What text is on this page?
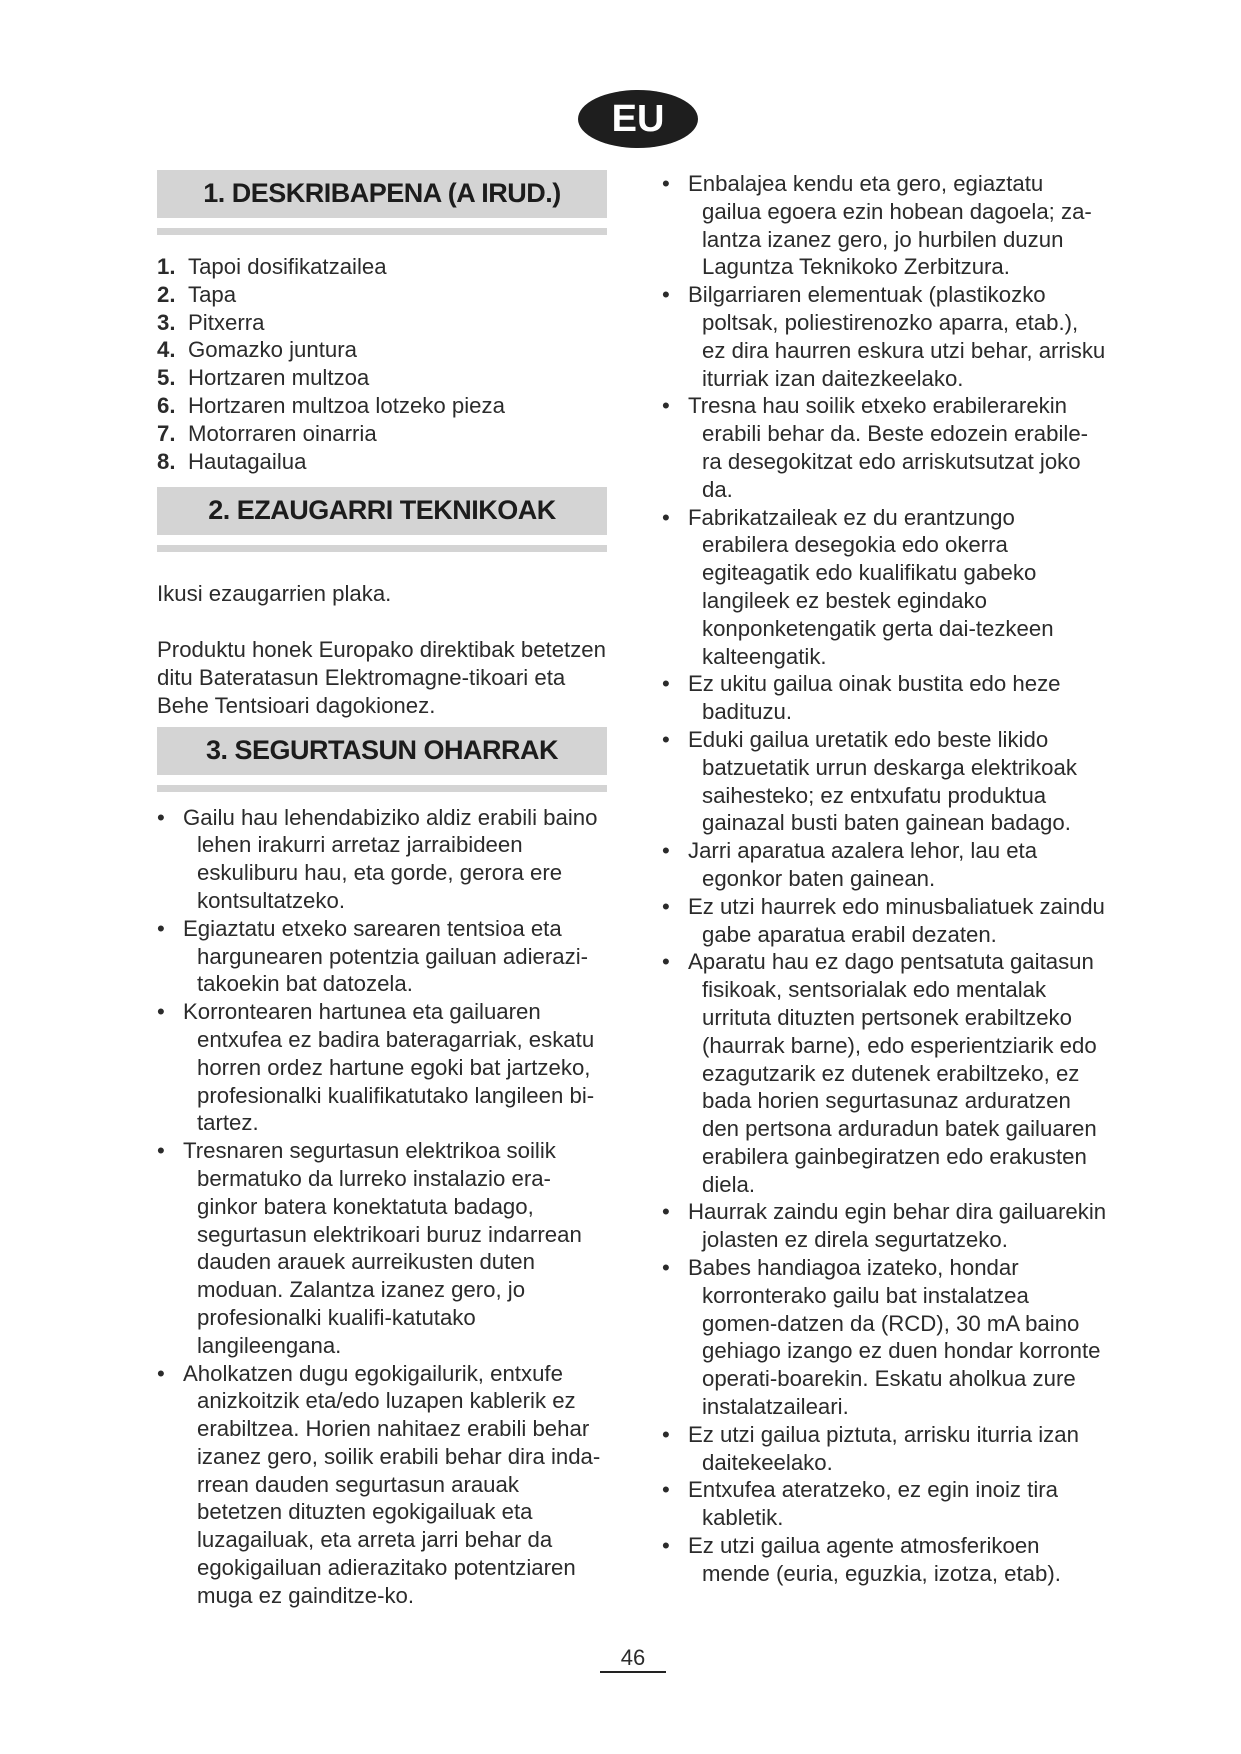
EU
1. DESKRIBAPENA (A IRUD.)
1. Tapoi dosifikatzailea
2. Tapa
3. Pitxerra
4. Gomazko juntura
5. Hortzaren multzoa
6. Hortzaren multzoa lotzeko pieza
7. Motorraren oinarria
8. Hautagailua
2. EZAUGARRI TEKNIKOAK

Ikusi ezaugarrien plaka.

Produktu honek Europako direktibak betetzen ditu Bateratasun Elektromagne-tikoari eta Behe Tentsioari dagokionez.

3. SEGURTASUN OHARRAK
• Gailu hau lehendabiziko aldiz erabili baino lehen irakurri arretaz jarraibideen eskuliburu hau, eta gorde, gerora ere kontsultatzeko.
• Egiaztatu etxeko sarearen tentsioa eta hargunearen potentzia gailuan adierazi-takoekin bat datozela.
• Korrontearen hartunea eta gailuaren entxufea ez badira bateragarriak, eskatu horren ordez hartune egoki bat jartzeko, profesionalki kualifikatutako langileen bi-tartez.
• Tresnaren segurtasun elektrikoa soilik bermatuko da lurreko instalazio era-ginkor batera konektatuta badago, segurtasun elektrikoari buruz indarrean dauden arauek aurreikusten duten moduan. Zalantza izanez gero, jo profesionalki kualifi-katutako langileengana.
• Aholkatzen dugu egokigailurik, entxufe anizkoitzik eta/edo luzapen kablerik ez erabiltzea. Horien nahitaez erabili behar izanez gero, soilik erabili behar dira inda-rrean dauden segurtasun arauak betetzen dituzten egokigailuak eta luzagailuak, eta arreta jarri behar da egokigailuan adierazitako potentziaren muga ez gainditze-ko.
• Enbalajea kendu eta gero, egiaztatu gailua egoera ezin hobean dagoela; za-lantza izanez gero, jo hurbilen duzun Laguntza Teknikoko Zerbitzura.
• Bilgarriaren elementuak (plastikozko poltsak, poliestirenozko aparra, etab.), ez dira haurren eskura utzi behar, arrisku iturriak izan daitezkeelako.
• Tresna hau soilik etxeko erabilerarekin erabili behar da. Beste edozein erabile-ra desegokitzat edo arriskutsutzat joko da.
• Fabrikatzaileak ez du erantzungo erabilera desegokia edo okerra egiteagatik edo kualifikatu gabeko langileek ez bestek egindako konponketengatik gerta dai-tezkeen kalteengatik.
• Ez ukitu gailua oinak bustita edo heze badituzu.
• Eduki gailua uretatik edo beste likido batzuetatik urrun deskarga elektrikoak saihesteko; ez entxufatu produktua gainazal busti baten gainean badago.
• Jarri aparatua azalera lehor, lau eta egonkor baten gainean.
• Ez utzi haurrek edo minusbaliatuek zaindu gabe aparatua erabil dezaten.
• Aparatu hau ez dago pentsatuta gaitasun fisikoak, sentsorialak edo mentalak urrituta dituzten pertsonek erabiltzeko (haurrak barne), edo esperientziarik edo ezagutzarik ez dutenek erabiltzeko, ez bada horien segurtasunaz arduratzen den pertsona arduradun batek gailuaren erabilera gainbegiratzen edo erakusten diela.
• Haurrak zaindu egin behar dira gailuarekin jolasten ez direla segurtatzeko.
• Babes handiagoa izateko, hondar korronterako gailu bat instalatzea gomen-datzen da (RCD), 30 mA baino gehiago izango ez duen hondar korronte operati-boarekin. Eskatu aholkua zure instalatzaileari.
• Ez utzi gailua piztuta, arrisku iturria izan daitekeelako.
• Entxufea ateratzeko, ez egin inoiz tira kabletik.
• Ez utzi gailua agente atmosferikoen mende (euria, eguzkia, izotza, etab).
46
